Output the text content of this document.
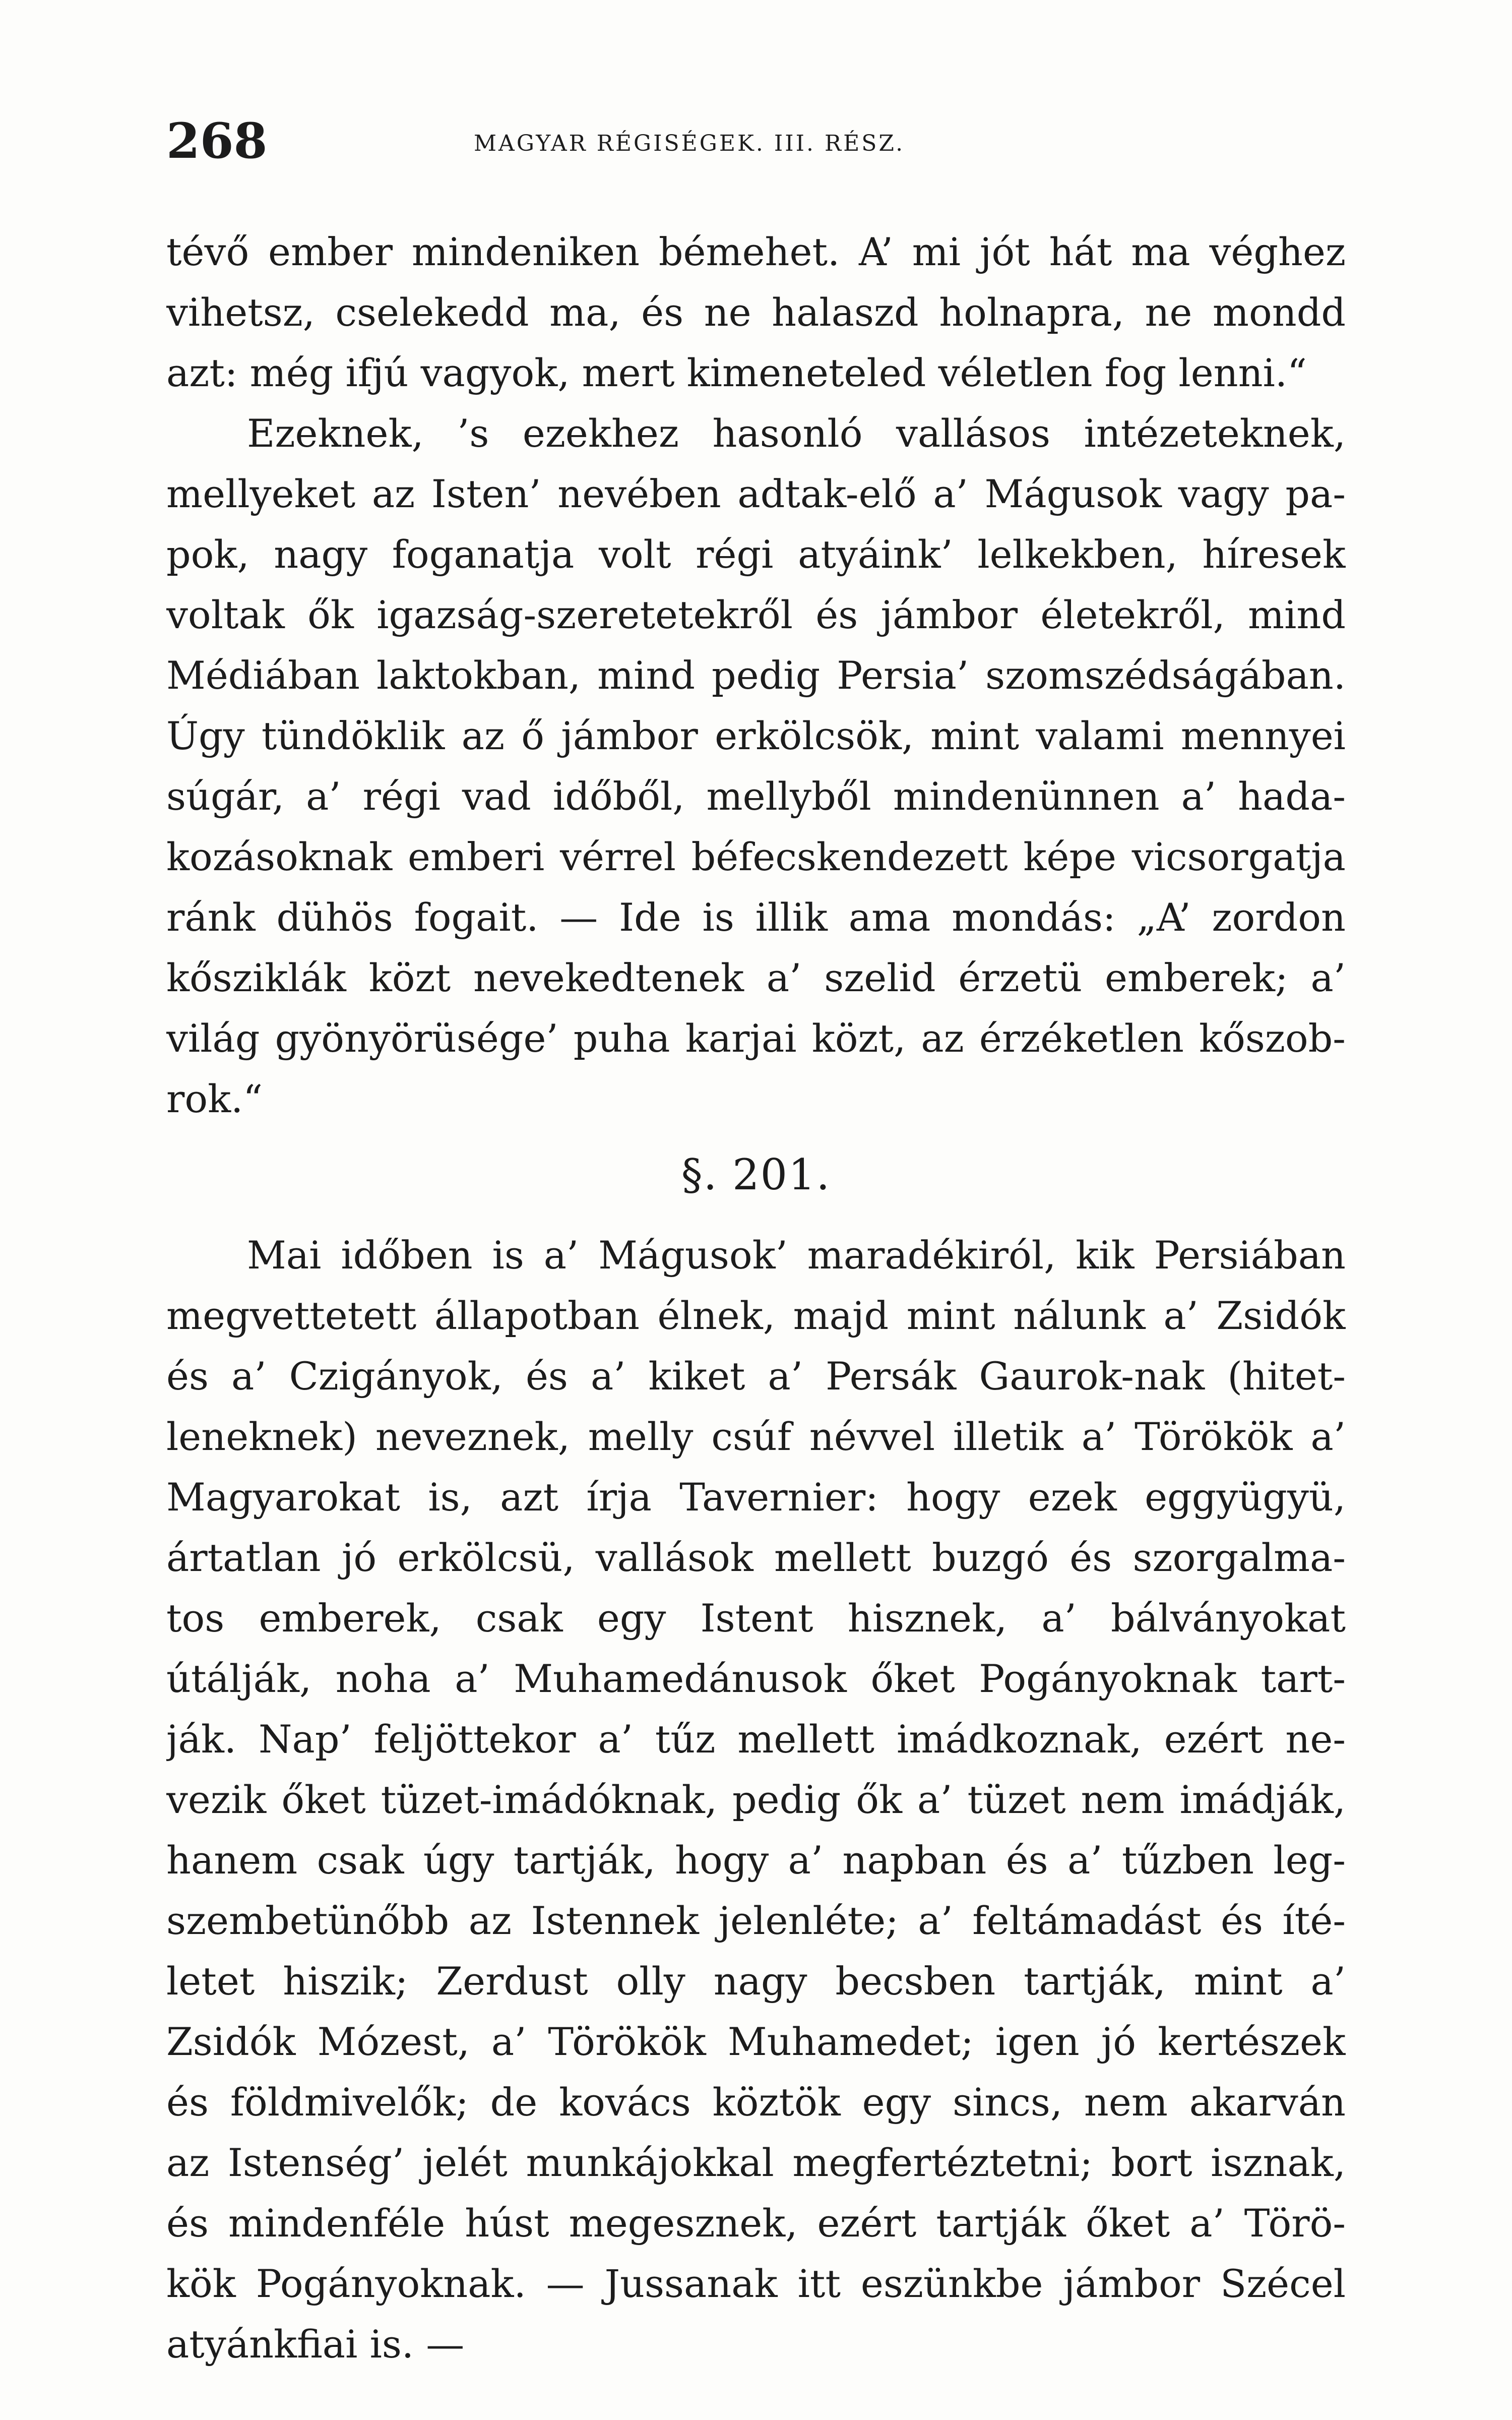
268	MAGYAR RÉGISÉGEK. III. RÉSZ.
tévő ember mindeniken bémehet. A’ mi jót hát ma véghez
vihetsz, cselekedd ma, és ne halaszd holnapra, ne mondd
azt: még ifjú vagyok, mert kimeneteled véletlen fog lenni.“
Ezeknek, ’s ezekhez hasonló vallásos intézeteknek,
mellyeket az Isten’ nevében adtak-elő a’ Mágusok vagy pa-
pok, nagy foganatja volt régi atyáink’ lelkekben, híresek
voltak ők igazság-szeretetekről és jámbor életekről, mind
Médiában laktokban, mind pedig Persia’ szomszédságában.
Úgy tündöklik az ő jámbor erkölcsök, mint valami mennyei
súgár, a’ régi vad időből, mellyből mindenünnen a’ hada-
kozásoknak emberi vérrel béfecskendezett képe vicsorgatja
ránk dühös fogait. — Ide is illik ama mondás: „A’ zordon
kősziklák közt nevekedtenek a’ szelid érzetü emberek; a’
világ gyönyörüsége’ puha karjai közt, az érzéketlen kőszob-
rok.“
§. 201.
Mai időben is a’ Mágusok’ maradékiról, kik Persiában
megvettetett állapotban élnek, majd mint nálunk a’ Zsidók
és a’ Czigányok, és a’ kiket a’ Persák Gaurok-nak (hitet-
leneknek) neveznek, melly csúf névvel illetik a’ Törökök a’
Magyarokat is, azt írja Tavernier: hogy ezek eggyügyü,
ártatlan jó erkölcsü, vallások mellett buzgó és szorgalma-
tos emberek, csak egy Istent hisznek, a’ bálványokat
útálják, noha a’ Muhamedánusok őket Pogányoknak tart-
ják. Nap’ feljöttekor a’ tűz mellett imádkoznak, ezért ne-
vezik őket tüzet-imádóknak, pedig ők a’ tüzet nem imádják,
hanem csak úgy tartják, hogy a’ napban és a’ tűzben leg-
szembetünőbb az Istennek jelenléte; a’ feltámadást és íté-
letet hiszik; Zerdust olly nagy becsben tartják, mint a’
Zsidók Mózest, a’ Törökök Muhamedet; igen jó kertészek
és földmivelők; de kovács köztök egy sincs, nem akarván
az Istenség’ jelét munkájokkal megfertéztetni; bort isznak,
és mindenféle húst megesznek, ezért tartják őket a’ Törö-
kök Pogányoknak. — Jussanak itt eszünkbe jámbor Szécel
atyánkfiai is. —
